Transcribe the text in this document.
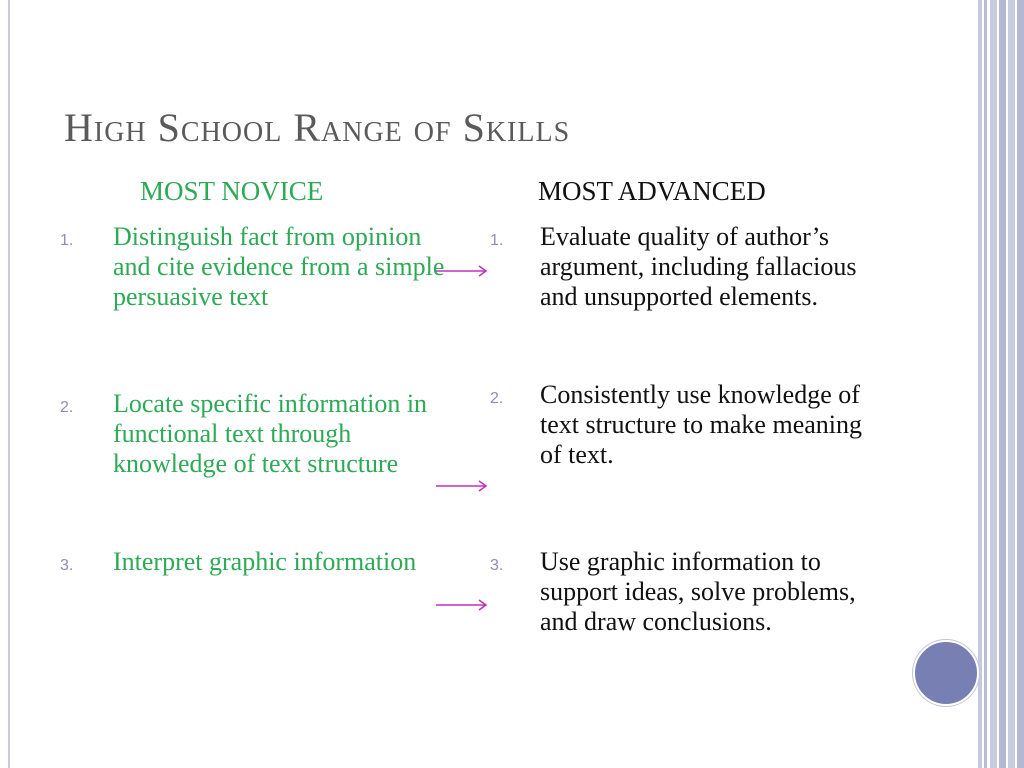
High School Range of Skills
MOST NOVICE	MOST ADVANCED
1. Distinguish fact from opinion and cite evidence from a simple persuasive text
2. Locate specific information in functional text through knowledge of text structure
3. Interpret graphic information
1. Evaluate quality of author’s argument, including fallacious and unsupported elements.
2. Consistently use knowledge of text structure to make meaning of text.
3. Use graphic information to support ideas, solve problems, and draw conclusions.
